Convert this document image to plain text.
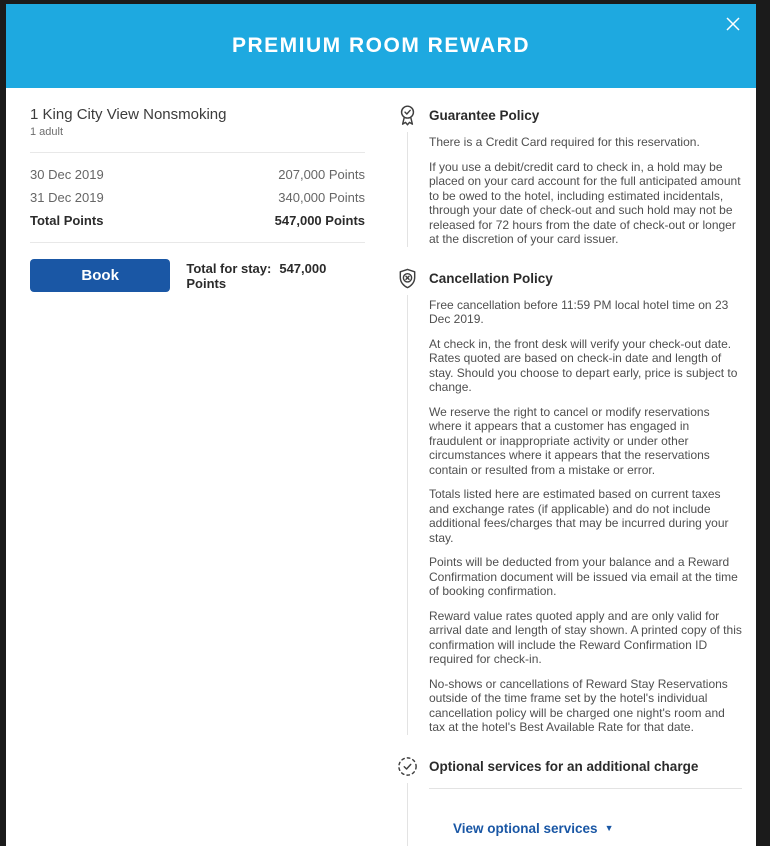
PREMIUM ROOM REWARD
1 King City View Nonsmoking
1 adult
30 Dec 2019	207,000 Points
31 Dec 2019	340,000 Points
Total Points	547,000 Points
Book	Total for stay: 547,000 Points
Guarantee Policy

There is a Credit Card required for this reservation.

If you use a debit/credit card to check in, a hold may be placed on your card account for the full anticipated amount to be owed to the hotel, including estimated incidentals, through your date of check-out and such hold may not be released for 72 hours from the date of check-out or longer at the discretion of your card issuer.

Cancellation Policy

Free cancellation before 11:59 PM local hotel time on 23 Dec 2019.

At check in, the front desk will verify your check-out date. Rates quoted are based on check-in date and length of stay. Should you choose to depart early, price is subject to change.

We reserve the right to cancel or modify reservations where it appears that a customer has engaged in fraudulent or inappropriate activity or under other circumstances where it appears that the reservations contain or resulted from a mistake or error.

Totals listed here are estimated based on current taxes and exchange rates (if applicable) and do not include additional fees/charges that may be incurred during your stay.

Points will be deducted from your balance and a Reward Confirmation document will be issued via email at the time of booking confirmation.

Reward value rates quoted apply and are only valid for arrival date and length of stay shown. A printed copy of this confirmation will include the Reward Confirmation ID required for check-in.

No-shows or cancellations of Reward Stay Reservations outside of the time frame set by the hotel's individual cancellation policy will be charged one night's room and tax at the hotel's Best Available Rate for that date.

Optional services for an additional charge
View optional services ▼
